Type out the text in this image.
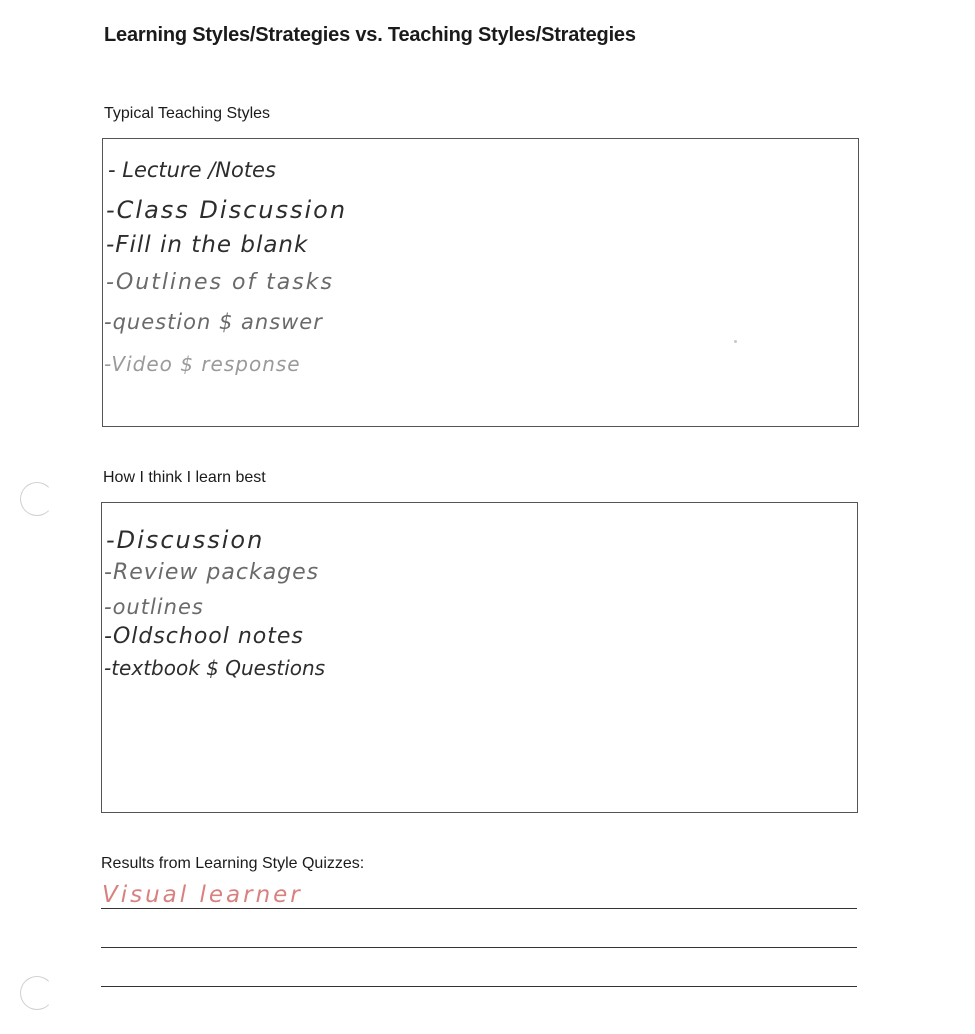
Learning Styles/Strategies vs. Teaching Styles/Strategies
Typical Teaching Styles
- Lecture /Notes
-Class Discussion
-Fill in the blank
-Outlines of tasks
-question $ answer
-Video $ response
How I think I learn best
-Discussion
-Review packages
-outlines
-Oldschool notes
-textbook $ Questions
Results from Learning Style Quizzes:
Visual learner
